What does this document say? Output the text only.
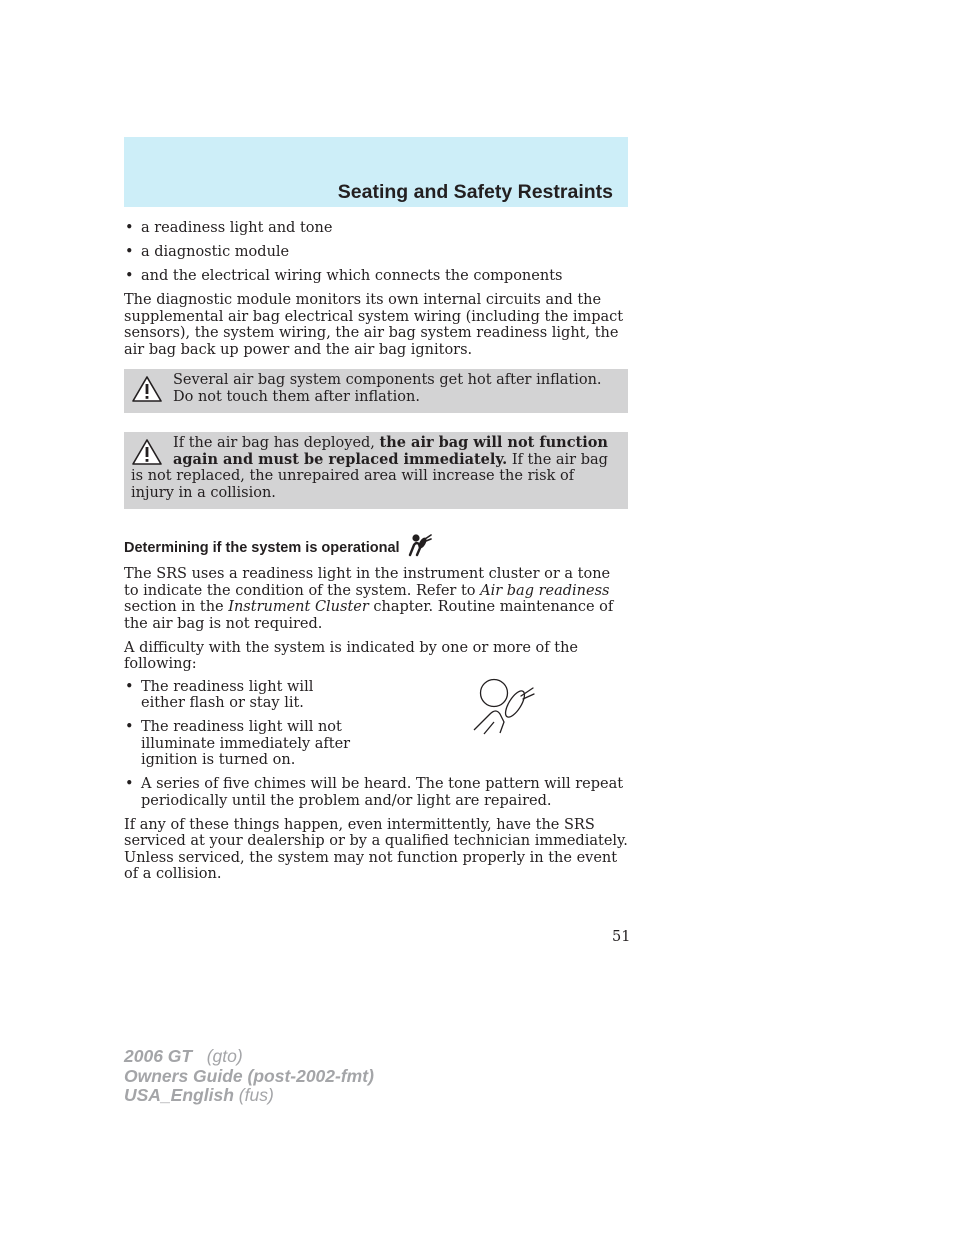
Seating and Safety Restraints
• a readiness light and tone
• a diagnostic module
• and the electrical wiring which connects the components

The diagnostic module monitors its own internal circuits and the supplemental air bag electrical system wiring (including the impact sensors), the system wiring, the air bag system readiness light, the air bag back up power and the air bag ignitors.

Several air bag system components get hot after inflation. Do not touch them after inflation.
If the air bag has deployed, the air bag will not function again and must be replaced immediately. If the air bag is not replaced, the unrepaired area will increase the risk of injury in a collision.
Determining if the system is operational

The SRS uses a readiness light in the instrument cluster or a tone to indicate the condition of the system. Refer to Air bag readiness section in the Instrument Cluster chapter. Routine maintenance of the air bag is not required.

A difficulty with the system is indicated by one or more of the following:

• The readiness light will either flash or stay lit.
• The readiness light will not illuminate immediately after ignition is turned on.
• A series of five chimes will be heard. The tone pattern will repeat periodically until the problem and/or light are repaired.

If any of these things happen, even intermittently, have the SRS serviced at your dealership or by a qualified technician immediately. Unless serviced, the system may not function properly in the event of a collision.

51
2006 GT (gto)
Owners Guide (post-2002-fmt)
USA_English (fus)
